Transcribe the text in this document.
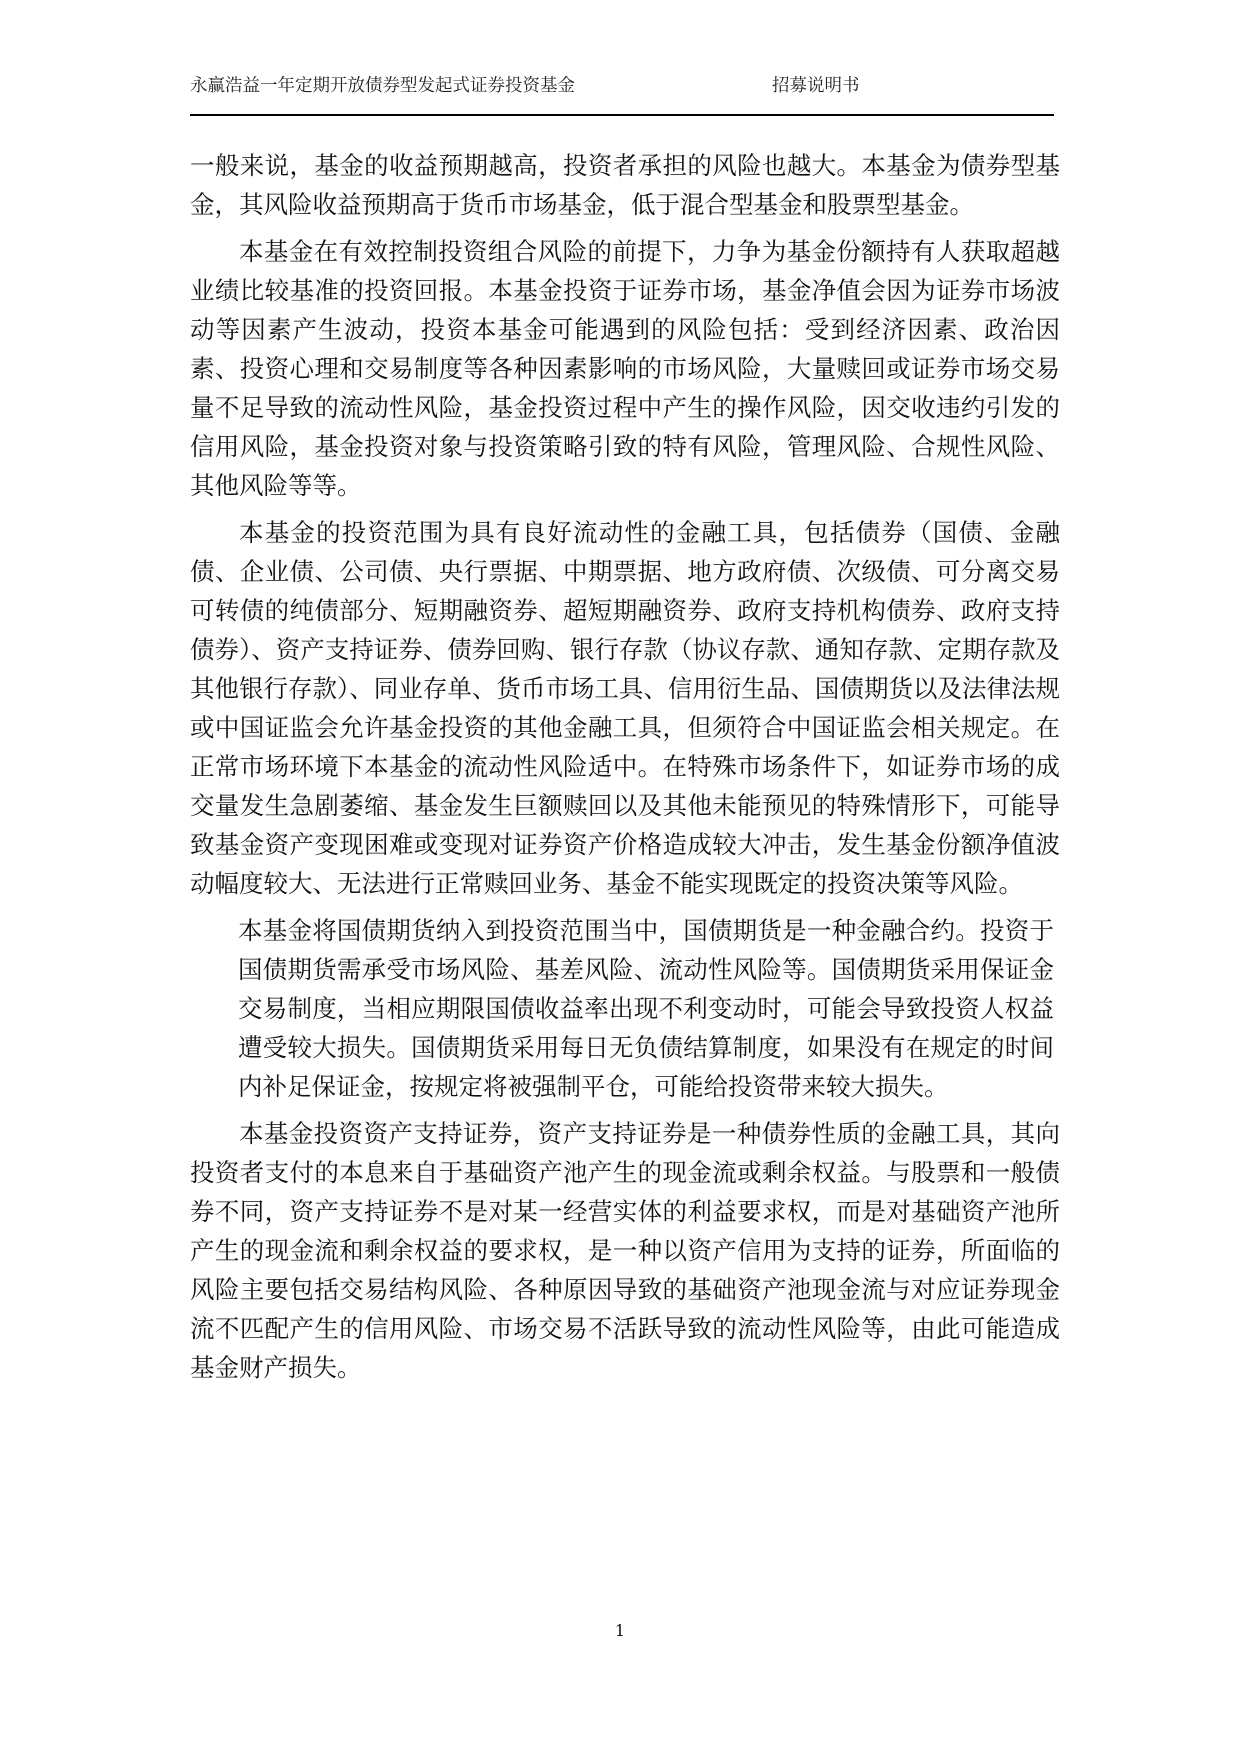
永赢浩益一年定期开放债券型发起式证券投资基金	招募说明书

一般来说，基金的收益预期越高，投资者承担的风险也越大。本基金为债券型基金，其风险收益预期高于货币市场基金，低于混合型基金和股票型基金。

本基金在有效控制投资组合风险的前提下，力争为基金份额持有人获取超越业绩比较基准的投资回报。本基金投资于证券市场，基金净值会因为证券市场波动等因素产生波动，投资本基金可能遇到的风险包括：受到经济因素、政治因素、投资心理和交易制度等各种因素影响的市场风险，大量赎回或证券市场交易量不足导致的流动性风险，基金投资过程中产生的操作风险，因交收违约引发的信用风险，基金投资对象与投资策略引致的特有风险，管理风险、合规性风险、其他风险等等。

本基金的投资范围为具有良好流动性的金融工具，包括债券（国债、金融债、企业债、公司债、央行票据、中期票据、地方政府债、次级债、可分离交易可转债的纯债部分、短期融资券、超短期融资券、政府支持机构债券、政府支持债券）、资产支持证券、债券回购、银行存款（协议存款、通知存款、定期存款及其他银行存款）、同业存单、货币市场工具、信用衍生品、国债期货以及法律法规或中国证监会允许基金投资的其他金融工具，但须符合中国证监会相关规定。在正常市场环境下本基金的流动性风险适中。在特殊市场条件下，如证券市场的成交量发生急剧萎缩、基金发生巨额赎回以及其他未能预见的特殊情形下，可能导致基金资产变现困难或变现对证券资产价格造成较大冲击，发生基金份额净值波动幅度较大、无法进行正常赎回业务、基金不能实现既定的投资决策等风险。

本基金将国债期货纳入到投资范围当中，国债期货是一种金融合约。投资于国债期货需承受市场风险、基差风险、流动性风险等。国债期货采用保证金交易制度，当相应期限国债收益率出现不利变动时，可能会导致投资人权益遭受较大损失。国债期货采用每日无负债结算制度，如果没有在规定的时间内补足保证金，按规定将被强制平仓，可能给投资带来较大损失。

本基金投资资产支持证券，资产支持证券是一种债券性质的金融工具，其向投资者支付的本息来自于基础资产池产生的现金流或剩余权益。与股票和一般债券不同，资产支持证券不是对某一经营实体的利益要求权，而是对基础资产池所产生的现金流和剩余权益的要求权，是一种以资产信用为支持的证券，所面临的风险主要包括交易结构风险、各种原因导致的基础资产池现金流与对应证券现金流不匹配产生的信用风险、市场交易不活跃导致的流动性风险等，由此可能造成基金财产损失。

1
